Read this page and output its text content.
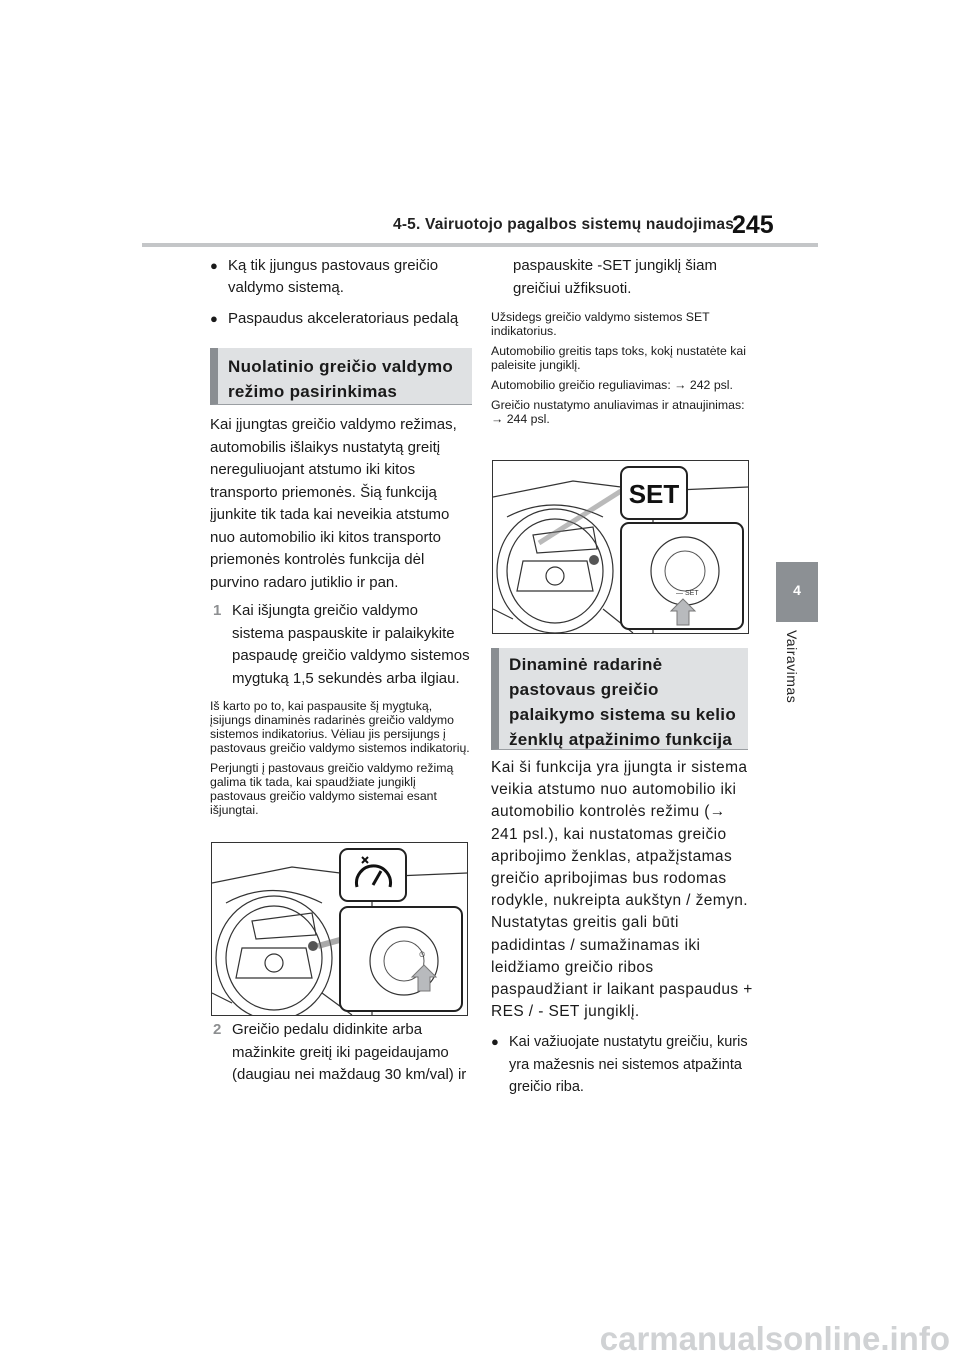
4-5. Vairuotojo pagalbos sistemų naudojimas
245
4
Vairavimas

● Ką tik įjungus pastovaus greičio valdymo sistemą.

● Paspaudus akceleratoriaus pedalą

Nuolatinio greičio valdymo režimo pasirinkimas

Kai įjungtas greičio valdymo režimas, automobilis išlaikys nustatytą greitį nereguliuojant atstumo iki kitos transporto priemonės. Šią funkciją įjunkite tik tada kai neveikia atstumo nuo automobilio iki kitos transporto priemonės kontrolės funkcija dėl purvino radaro jutiklio ir pan.

1 Kai išjungta greičio valdymo sistema paspauskite ir palaikykite paspaudę greičio valdymo sistemos mygtuką 1,5 sekundės arba ilgiau.

Iš karto po to, kai paspausite šį mygtuką, įsijungs dinaminės radarinės greičio valdymo sistemos indikatorius. Vėliau jis persijungs į pastovaus greičio valdymo sistemos indikatorių.

Perjungti į pastovaus greičio valdymo režimą galima tik tada, kai spaudžiate jungiklį pastovaus greičio valdymo sistemai esant išjungtai.

⏲

2 Greičio pedalu didinkite arba mažinkite greitį iki pageidaujamo (daugiau nei maždaug 30 km/val) ir

paspauskite -SET jungiklį šiam greičiui užfiksuoti.

Užsidegs greičio valdymo sistemos SET indikatorius.

Automobilio greitis taps toks, kokį nustatėte kai paleisite jungiklį.

Automobilio greičio reguliavimas: → 242 psl.

Greičio nustatymo anuliavimas ir atnaujinimas: → 244 psl.

SET
— SET
Dinaminė radarinė pastovaus greičio palaikymo sistema su kelio ženklų atpažinimo funkcija

Kai ši funkcija yra įjungta ir sistema veikia atstumo nuo automobilio iki automobilio kontrolės režimu (→ 241 psl.), kai nustatomas greičio apribojimo ženklas, atpažįstamas greičio apribojimas bus rodomas rodykle, nukreipta aukštyn / žemyn. Nustatytas greitis gali būti padidintas / sumažinamas iki leidžiamo greičio ribos paspaudžiant ir laikant paspaudus + RES / - SET jungiklį.

● Kai važiuojate nustatytu greičiu, kuris yra mažesnis nei sistemos atpažinta greičio riba.

carmanualsonline.info
